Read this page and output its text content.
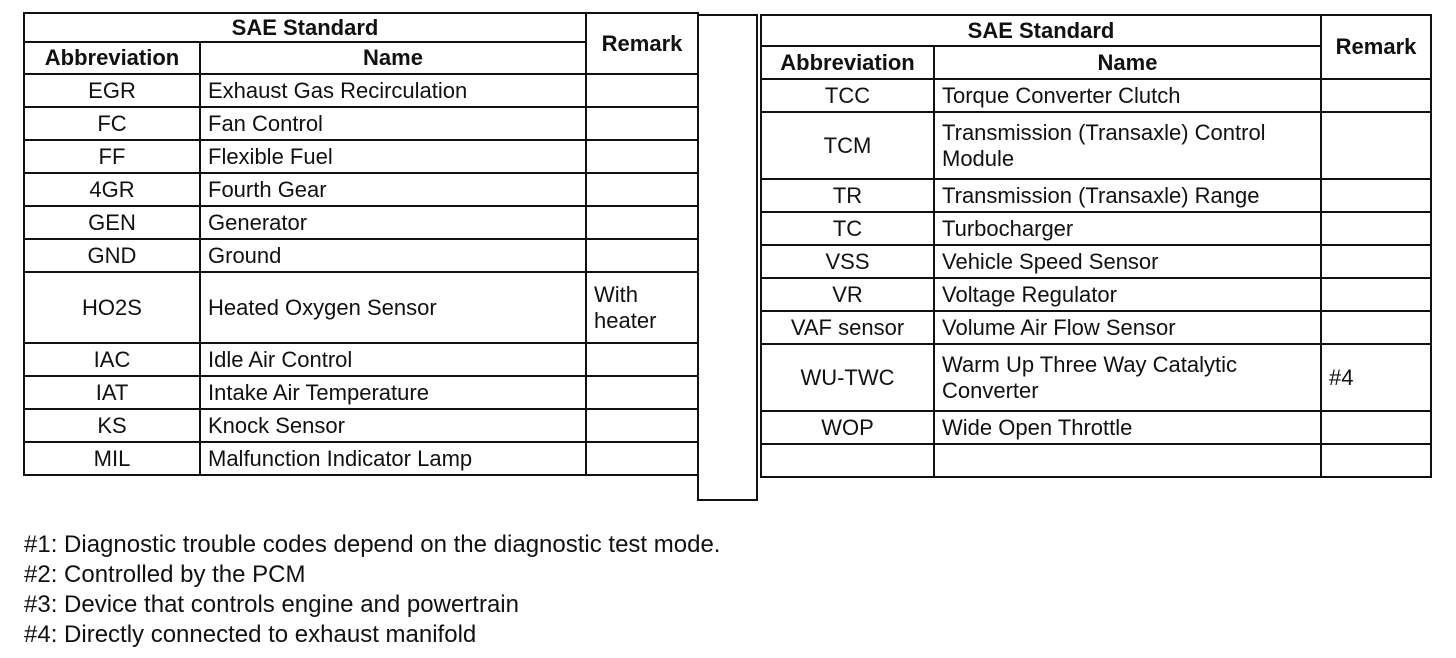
SAE Standard		Remark
Abbreviation	Name	
EGR	Exhaust Gas Recirculation	
FC	Fan Control	
FF	Flexible Fuel	
4GR	Fourth Gear	
GEN	Generator	
GND	Ground	
HO2S	Heated Oxygen Sensor	With heater
IAC	Idle Air Control	
IAT	Intake Air Temperature	
KS	Knock Sensor	
MIL	Malfunction Indicator Lamp	
SAE Standard		Remark
Abbreviation	Name	
TCC	Torque Converter Clutch	
TCM	Transmission (Transaxle) Control Module	
TR	Transmission (Transaxle) Range	
TC	Turbocharger	
VSS	Vehicle Speed Sensor	
VR	Voltage Regulator	
VAF sensor	Volume Air Flow Sensor	
WU-TWC	Warm Up Three Way Catalytic Converter	#4
WOP	Wide Open Throttle	

#1: Diagnostic trouble codes depend on the diagnostic test mode.
#2: Controlled by the PCM
#3: Device that controls engine and powertrain
#4: Directly connected to exhaust manifold
